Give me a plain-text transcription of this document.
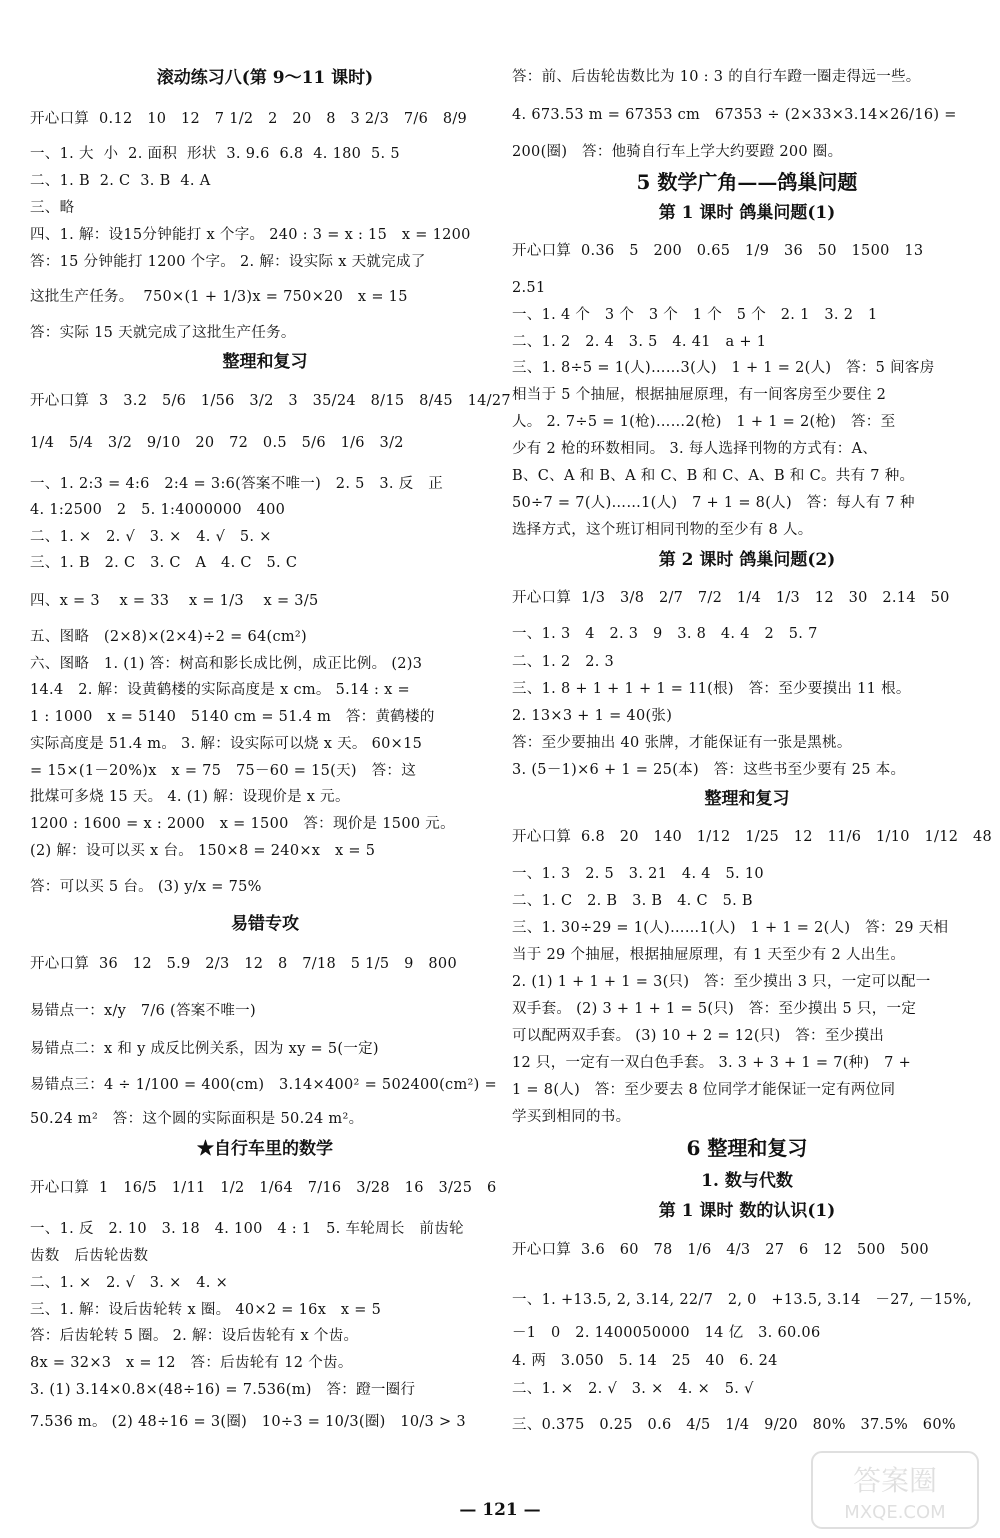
滚动练习八(第 9～11 课时)
开心口算  0.12   10   12   7 1/2   2   20   8   3 2/3   7/6   8/9
一、1. 大  小  2. 面积  形状  3. 9.6  6.8  4. 180  5. 5
二、1. B  2. C  3. B  4. A
三、略
四、1. 解：设15分钟能打 x 个字。 240 : 3 = x : 15   x = 1200
答：15 分钟能打 1200 个字。 2. 解：设实际 x 天就完成了
这批生产任务。  750×(1 + 1/3)x = 750×20   x = 15
答：实际 15 天就完成了这批生产任务。
整理和复习
开心口算  3   3.2   5/6   1/56   3/2   3   35/24   8/15   8/45   14/27
1/4   5/4   3/2   9/10   20   72   0.5   5/6   1/6   3/2
一、1. 2:3 = 4:6   2:4 = 3:6(答案不唯一)   2. 5   3. 反   正
4. 1:2500   2   5. 1:4000000   400
二、1. ×   2. √   3. ×   4. √   5. ×
三、1. B   2. C   3. C   A   4. C   5. C
四、x = 3    x = 33    x = 1/3    x = 3/5
五、图略   (2×8)×(2×4)÷2 = 64(cm²)
六、图略   1. (1) 答：树高和影长成比例，成正比例。 (2)3
14.4   2. 解：设黄鹤楼的实际高度是 x cm。 5.14 : x =
1 : 1000   x = 5140   5140 cm = 51.4 m   答：黄鹤楼的
实际高度是 51.4 m。 3. 解：设实际可以烧 x 天。 60×15
= 15×(1－20%)x   x = 75   75－60 = 15(天)   答：这
批煤可多烧 15 天。 4. (1) 解：设现价是 x 元。
1200 : 1600 = x : 2000   x = 1500   答：现价是 1500 元。
(2) 解：设可以买 x 台。 150×8 = 240×x   x = 5
答：可以买 5 台。 (3) y/x = 75%
易错专攻
开心口算  36   12   5.9   2/3   12   8   7/18   5 1/5   9   800
易错点一：x/y   7/6 (答案不唯一)
易错点二：x 和 y 成反比例关系，因为 xy = 5(一定)
易错点三：4 ÷ 1/100 = 400(cm)   3.14×400² = 502400(cm²) =
50.24 m²   答：这个圆的实际面积是 50.24 m²。
★自行车里的数学
开心口算  1   16/5   1/11   1/2   1/64   7/16   3/28   16   3/25   6
一、1. 反   2. 10   3. 18   4. 100   4 : 1   5. 车轮周长   前齿轮
齿数   后齿轮齿数
二、1. ×   2. √   3. ×   4. ×
三、1. 解：设后齿轮转 x 圈。 40×2 = 16x   x = 5
答：后齿轮转 5 圈。 2. 解：设后齿轮有 x 个齿。
8x = 32×3   x = 12   答：后齿轮有 12 个齿。
3. (1) 3.14×0.8×(48÷16) = 7.536(m)   答：蹬一圈行
7.536 m。 (2) 48÷16 = 3(圈)   10÷3 = 10/3(圈)   10/3 > 3
答：前、后齿轮齿数比为 10 : 3 的自行车蹬一圈走得远一些。
4. 673.53 m = 67353 cm   67353 ÷ (2×33×3.14×26/16) =
200(圈)   答：他骑自行车上学大约要蹬 200 圈。
5 数学广角——鸽巢问题
第 1 课时 鸽巢问题(1)
开心口算  0.36   5   200   0.65   1/9   36   50   1500   13
2.51
一、1. 4 个   3 个   3 个   1 个   5 个   2. 1   3. 2   1
二、1. 2   2. 4   3. 5   4. 41   a + 1
三、1. 8÷5 = 1(人)……3(人)   1 + 1 = 2(人)   答：5 间客房
相当于 5 个抽屉，根据抽屉原理，有一间客房至少要住 2
人。 2. 7÷5 = 1(枪)……2(枪)   1 + 1 = 2(枪)   答：至
少有 2 枪的环数相同。 3. 每人选择刊物的方式有：A、
B、C、A 和 B、A 和 C、B 和 C、A、B 和 C。共有 7 种。
50÷7 = 7(人)……1(人)   7 + 1 = 8(人)   答：每人有 7 种
选择方式，这个班订相同刊物的至少有 8 人。
第 2 课时 鸽巢问题(2)
开心口算  1/3   3/8   2/7   7/2   1/4   1/3   12   30   2.14   50
一、1. 3   4   2. 3   9   3. 8   4. 4   2   5. 7
二、1. 2   2. 3
三、1. 8 + 1 + 1 + 1 = 11(根)   答：至少要摸出 11 根。
2. 13×3 + 1 = 40(张)
答：至少要抽出 40 张牌，才能保证有一张是黑桃。
3. (5－1)×6 + 1 = 25(本)   答：这些书至少要有 25 本。
整理和复习
开心口算  6.8   20   140   1/12   1/25   12   11/6   1/10   1/12   48
一、1. 3   2. 5   3. 21   4. 4   5. 10
二、1. C   2. B   3. B   4. C   5. B
三、1. 30÷29 = 1(人)……1(人)   1 + 1 = 2(人)   答：29 天相
当于 29 个抽屉，根据抽屉原理，有 1 天至少有 2 人出生。
2. (1) 1 + 1 + 1 = 3(只)   答：至少摸出 3 只，一定可以配一
双手套。 (2) 3 + 1 + 1 = 5(只)   答：至少摸出 5 只，一定
可以配两双手套。 (3) 10 + 2 = 12(只)   答：至少摸出
12 只，一定有一双白色手套。 3. 3 + 3 + 1 = 7(种)   7 +
1 = 8(人)   答：至少要去 8 位同学才能保证一定有两位同
学买到相同的书。
6 整理和复习
1. 数与代数
第 1 课时 数的认识(1)
开心口算  3.6   60   78   1/6   4/3   27   6   12   500   500
一、1. +13.5, 2, 3.14, 22/7   2, 0   +13.5, 3.14   －27, －15%,
－1   0   2. 1400050000   14 亿   3. 60.06
4. 两   3.050   5. 14   25   40   6. 24
二、1. ×   2. √   3. ×   4. ×   5. √
三、0.375   0.25   0.6   4/5   1/4   9/20   80%   37.5%   60%
— 121 —
答案圈
MXQE.COM
